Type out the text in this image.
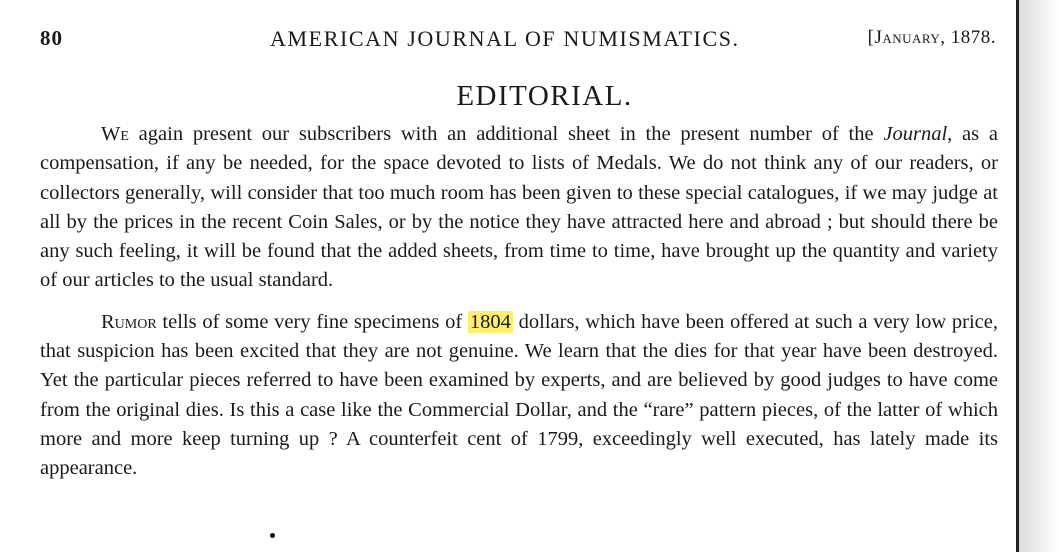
80	AMERICAN JOURNAL OF NUMISMATICS.	[January, 1878.
EDITORIAL.

We again present our subscribers with an additional sheet in the present number of the Journal, as a compensation, if any be needed, for the space devoted to lists of Medals. We do not think any of our readers, or collectors generally, will consider that too much room has been given to these special catalogues, if we may judge at all by the prices in the recent Coin Sales, or by the notice they have attracted here and abroad ; but should there be any such feeling, it will be found that the added sheets, from time to time, have brought up the quantity and variety of our articles to the usual standard.

Rumor tells of some very fine specimens of 1804 dollars, which have been offered at such a very low price, that suspicion has been excited that they are not genuine. We learn that the dies for that year have been destroyed. Yet the particular pieces referred to have been examined by experts, and are believed by good judges to have come from the original dies. Is this a case like the Commercial Dollar, and the “rare” pattern pieces, of the latter of which more and more keep turning up ? A counterfeit cent of 1799, exceedingly well executed, has lately made its appearance.
